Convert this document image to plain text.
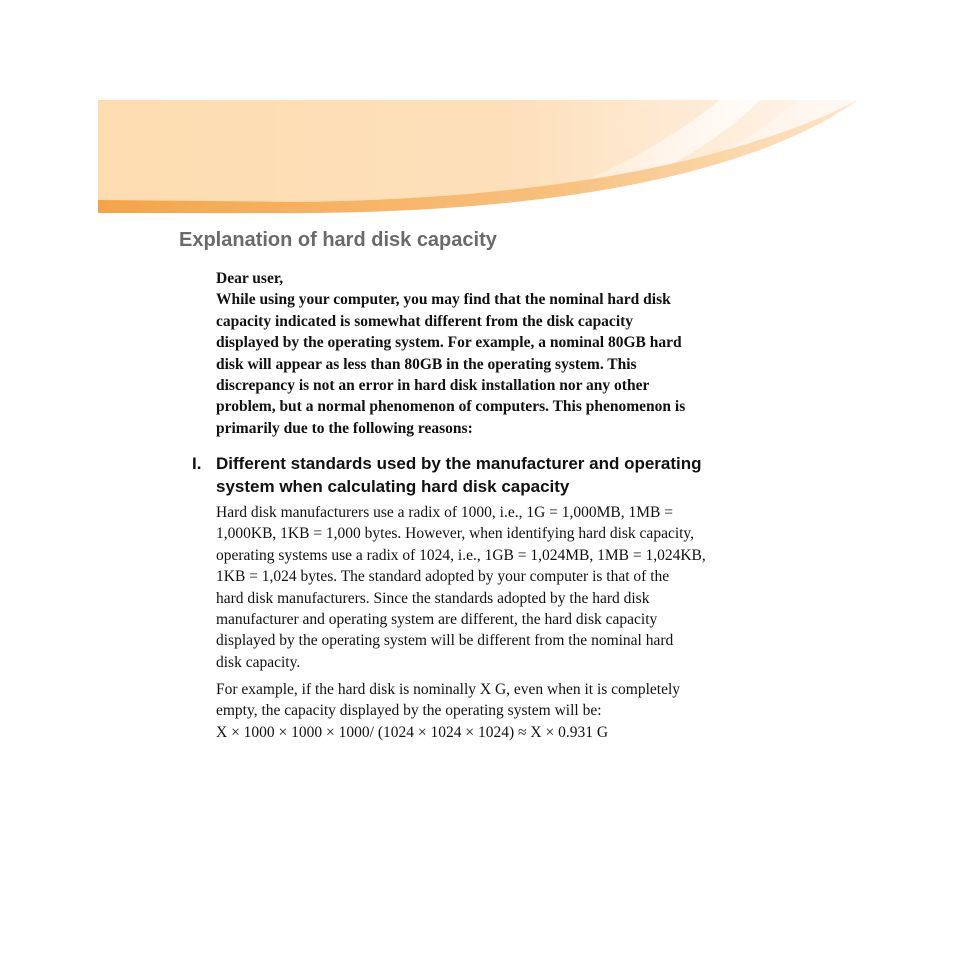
Explanation of hard disk capacity

Dear user,

While using your computer, you may find that the nominal hard disk

capacity indicated is somewhat different from the disk capacity

displayed by the operating system. For example, a nominal 80GB hard

disk will appear as less than 80GB in the operating system. This

discrepancy is not an error in hard disk installation nor any other

problem, but a normal phenomenon of computers. This phenomenon is

primarily due to the following reasons:

I. Different standards used by the manufacturer and operating
system when calculating hard disk capacity
Hard disk manufacturers use a radix of 1000, i.e., 1G = 1,000MB, 1MB =
1,000KB, 1KB = 1,000 bytes. However, when identifying hard disk capacity,
operating systems use a radix of 1024, i.e., 1GB = 1,024MB, 1MB = 1,024KB,
1KB = 1,024 bytes. The standard adopted by your computer is that of the
hard disk manufacturers. Since the standards adopted by the hard disk
manufacturer and operating system are different, the hard disk capacity
displayed by the operating system will be different from the nominal hard
disk capacity.
For example, if the hard disk is nominally X G, even when it is completely
empty, the capacity displayed by the operating system will be:
X × 1000 × 1000 × 1000/ (1024 × 1024 × 1024) ≈ X × 0.931 G
